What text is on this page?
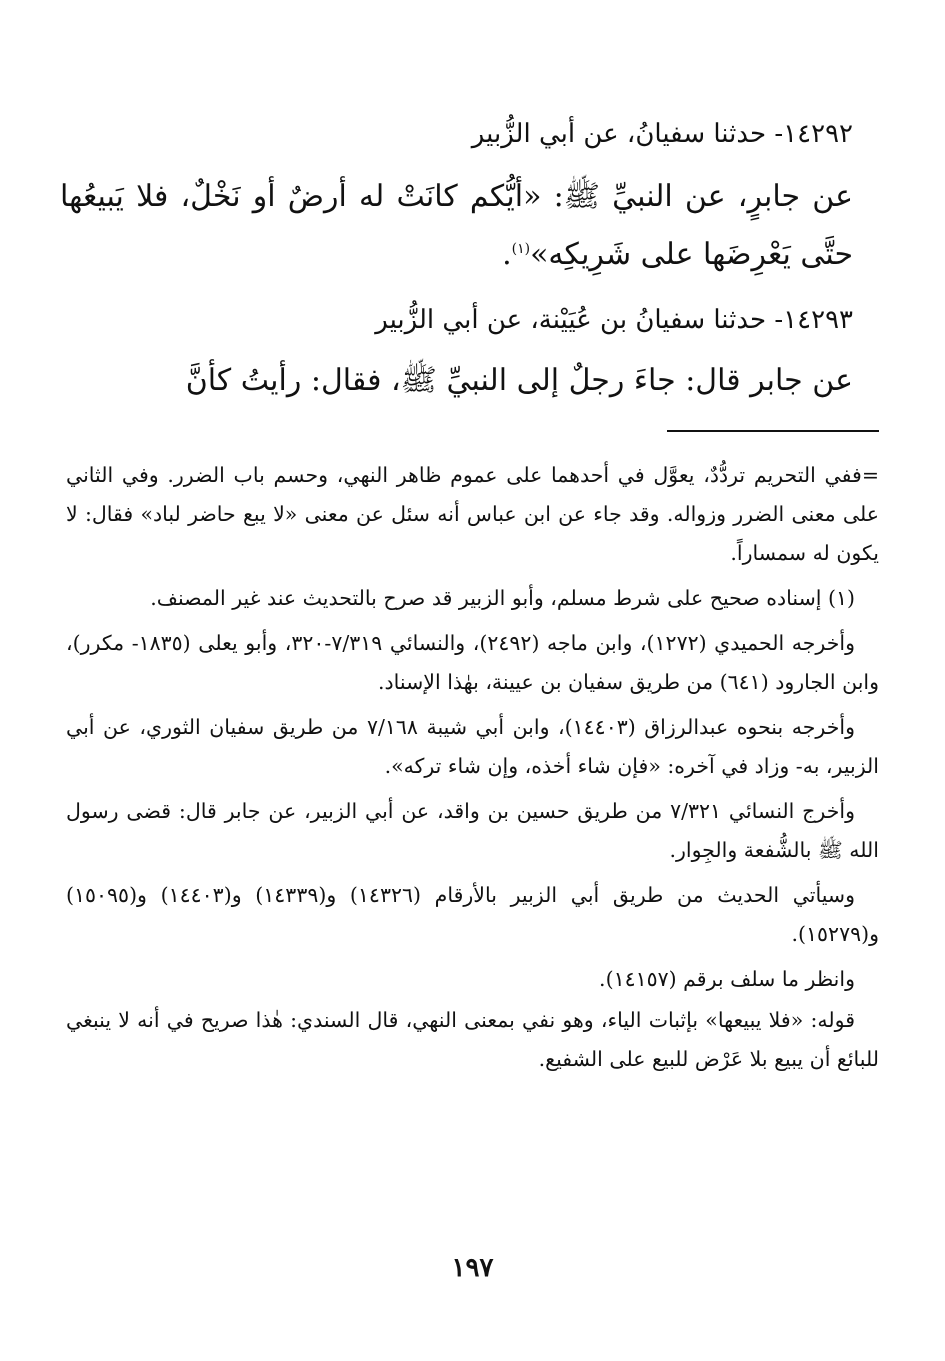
١٤٢٩٢- حدثنا سفيانُ، عن أبي الزُّبير

عن جابرٍ، عن النبيِّ ﷺ: «أيُّكم كانَتْ له أرضٌ أو نَخْلٌ، فلا يَبيعُها حتَّى يَعْرِضَها على شَرِيكِه»$^{(١)}$.

١٤٢٩٣- حدثنا سفيانُ بن عُيَيْنة، عن أبي الزُّبير

عن جابر قال: جاءَ رجلٌ إلى النبيِّ ﷺ، فقال: رأيتُ كأنَّ

=ففي التحريم تردُّدٌ، يعوَّل في أحدهما على عموم ظاهر النهي، وحسم باب الضرر. وفي الثاني على معنى الضرر وزواله. وقد جاء عن ابن عباس أنه سئل عن معنى «لا يبع حاضر لباد» فقال: لا يكون له سمساراً.

(١) إسناده صحيح على شرط مسلم، وأبو الزبير قد صرح بالتحديث عند غير المصنف.

وأخرجه الحميدي (١٢٧٢)، وابن ماجه (٢٤٩٢)، والنسائي ٧/٣١٩-٣٢٠، وأبو يعلى (١٨٣٥- مكرر)، وابن الجارود (٦٤١) من طريق سفيان بن عيينة، بهٰذا الإسناد.

وأخرجه بنحوه عبدالرزاق (١٤٤٠٣)، وابن أبي شيبة ٧/١٦٨ من طريق سفيان الثوري، عن أبي الزبير، به- وزاد في آخره: «فإن شاء أخذه، وإن شاء تركه».

وأخرج النسائي ٧/٣٢١ من طريق حسين بن واقد، عن أبي الزبير، عن جابر قال: قضى رسول الله ﷺ بالشُّفعة والجِوار.

وسيأتي الحديث من طريق أبي الزبير بالأرقام (١٤٣٢٦) و(١٤٣٣٩) و(١٤٤٠٣) و(١٥٠٩٥) و(١٥٢٧٩).

وانظر ما سلف برقم (١٤١٥٧).

قوله: «فلا يبيعها» بإثبات الياء، وهو نفي بمعنى النهي، قال السندي: هٰذا صريح في أنه لا ينبغي للبائع أن يبيع بلا عَرْض للبيع على الشفيع.

١٩٧
